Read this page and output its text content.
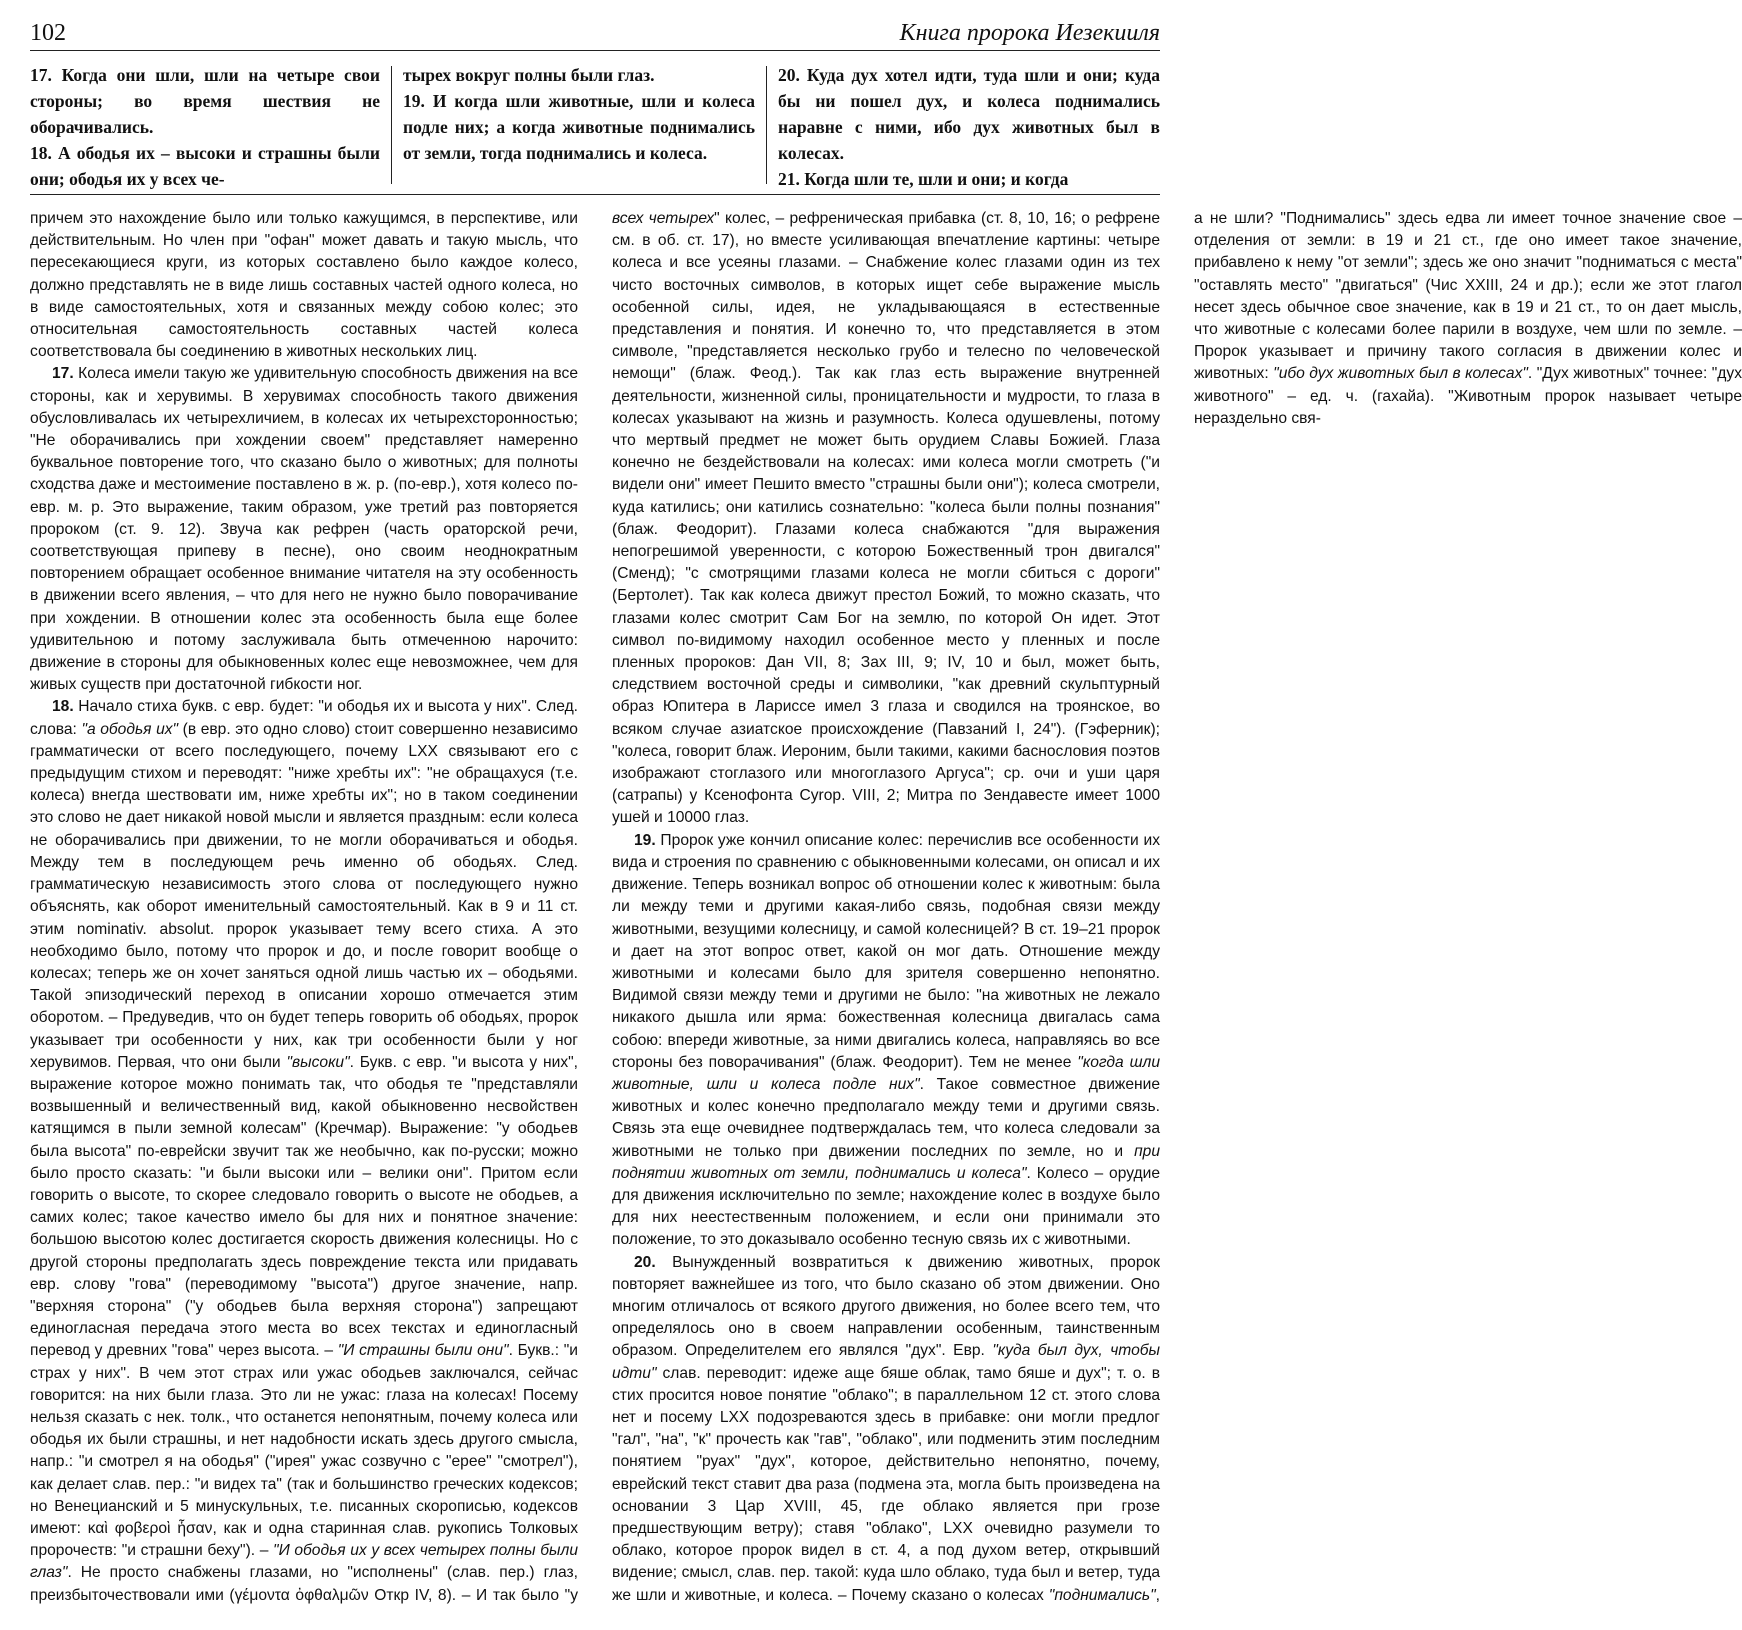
102	Книга пророка Иезекииля

17. Когда они шли, шли на четыре свои стороны; во время шествия не оборачивались.

18. А ободья их – высоки и страшны были они; ободья их у всех че-

тырех вокруг полны были глаз.

19. И когда шли животные, шли и колеса подле них; а когда животные поднимались от земли, тогда поднимались и колеса.

20. Куда дух хотел идти, туда шли и они; куда бы ни пошел дух, и колеса поднимались наравне с ними, ибо дух животных был в колесах.

21. Когда шли те, шли и они; и когда

причем это нахождение было или только кажущимся, в перспективе, или действительным. Но член при "офан" может давать и такую мысль, что пересекающиеся круги, из которых составлено было каждое колесо, должно представлять не в виде лишь составных частей одного колеса, но в виде самостоятельных, хотя и связанных между собою колес; это относительная самостоятельность составных частей колеса соответствовала бы соединению в животных нескольких лиц.

17. Колеса имели такую же удивительную способность движения на все стороны, как и херувимы. В херувимах способность такого движения обусловливалась их четырехличием, в колесах их четырехсторонностью; "Не оборачивались при хождении своем" представляет намеренно буквальное повторение того, что сказано было о животных; для полноты сходства даже и местоимение поставлено в ж. р. (по-евр.), хотя колесо по-евр. м. р. Это выражение, таким образом, уже третий раз повторяется пророком (ст. 9. 12). Звуча как рефрен (часть ораторской речи, соответствующая припеву в песне), оно своим неоднократным повторением обращает особенное внимание читателя на эту особенность в движении всего явления, – что для него не нужно было поворачивание при хождении. В отношении колес эта особенность была еще более удивительною и потому заслуживала быть отмеченною нарочито: движение в стороны для обыкновенных колес еще невозможнее, чем для живых существ при достаточной гибкости ног.

18. Начало стиха букв. с евр. будет: "и ободья их и высота у них". След. слова: "а ободья их" (в евр. это одно слово) стоит совершенно независимо грамматически от всего последующего, почему LXX связывают его с предыдущим стихом и переводят: "ниже хребты их": "не обращахуся (т.е. колеса) внегда шествовати им, ниже хребты их"; но в таком соединении это слово не дает никакой новой мысли и является праздным: если колеса не оборачивались при движении, то не могли оборачиваться и ободья. Между тем в последующем речь именно об ободьях. След. грамматическую независимость этого слова от последующего нужно объяснять, как оборот именительный самостоятельный. Как в 9 и 11 ст. этим nominativ. absolut. пророк указывает тему всего стиха. А это необходимо было, потому что пророк и до, и после говорит вообще о колесах; теперь же он хочет заняться одной лишь частью их – ободьями. Такой эпизодический переход в описании хорошо отмечается этим оборотом. – Предуведив, что он будет теперь говорить об ободьях, пророк указывает три особенности у них, как три особенности были у ног херувимов. Первая, что они были "высоки". Букв. с евр. "и высота у них", выражение которое можно понимать так, что ободья те "представляли возвышенный и величественный вид, какой обыкновенно несвойствен катящимся в пыли земной колесам" (Кречмар). Выражение: "у ободьев была высота" по-еврейски звучит так же необычно, как по-русски; можно было просто сказать: "и были высоки или – велики они". Притом если говорить о высоте, то скорее следовало говорить о высоте не ободьев, а самих колес; такое качество имело бы для них и понятное значение: большою высотою колес достигается скорость движения колесницы. Но с другой стороны предполагать здесь повреждение текста или придавать евр. слову "гова" (переводимому "высота") другое значение, напр. "верхняя сторона" ("у ободьев была верхняя сторона") запрещают единогласная передача этого места во всех текстах и единогласный перевод у древних "гова" через высота. – "И страшны были они". Букв.: "и страх у них". В чем этот страх или ужас ободьев заключался, сейчас говорится: на них были глаза. Это ли не ужас: глаза на колесах! Посему нельзя сказать с нек. толк., что останется непонятным, почему колеса или ободья их были страшны, и нет надобности искать здесь другого смысла, напр.: "и смотрел я на ободья" ("ирея" ужас созвучно с "ерее" "смотрел"), как делает слав. пер.: "и видех та" (так и большинство греческих кодексов; но Венецианский и 5 минускульных, т.е. писанных скорописью, кодексов имеют: καὶ φοβεροὶ ἦσαν, как и одна старинная слав. рукопись Толковых пророчеств: "и страшни беху"). – "И ободья их у всех четырех полны были глаз". Не просто снабжены глазами, но "исполнены" (слав. пер.) глаз, преизбыточествовали ими (γέμοντα ὀφθαλμῶν Откр IV, 8). – И так было "у всех четырех" колес, – рефреническая прибавка (ст. 8, 10, 16; о рефрене см. в об. ст. 17), но вместе усиливающая впечатление картины: четыре колеса и все усеяны глазами. – Снабжение колес глазами один из тех чисто восточных символов, в которых ищет себе выражение мысль особенной силы, идея, не укладывающаяся в естественные представления и понятия. И конечно то, что представляется в этом символе, "представляется несколько грубо и телесно по человеческой немощи" (блаж. Феод.). Так как глаз есть выражение внутренней деятельности, жизненной силы, проницательности и мудрости, то глаза в колесах указывают на жизнь и разумность. Колеса одушевлены, потому что мертвый предмет не может быть орудием Славы Божией. Глаза конечно не бездействовали на колесах: ими колеса могли смотреть ("и видели они" имеет Пешито вместо "страшны были они"); колеса смотрели, куда катились; они катились сознательно: "колеса были полны познания" (блаж. Феодорит). Глазами колеса снабжаются "для выражения непогрешимой уверенности, с которою Божественный трон двигался" (Сменд); "с смотрящими глазами колеса не могли сбиться с дороги" (Бертолет). Так как колеса движут престол Божий, то можно сказать, что глазами колес смотрит Сам Бог на землю, по которой Он идет. Этот символ по-видимому находил особенное место у пленных и после пленных пророков: Дан VII, 8; Зах III, 9; IV, 10 и был, может быть, следствием восточной среды и символики, "как древний скульптурный образ Юпитера в Лариссе имел 3 глаза и сводился на троянское, во всяком случае азиатское происхождение (Павзаний I, 24"). (Гэферник); "колеса, говорит блаж. Иероним, были такими, какими баснословия поэтов изображают стоглазого или многоглазого Аргуса"; ср. очи и уши царя (сатрапы) у Ксенофонта Cyrop. VIII, 2; Митра по Зендавесте имеет 1000 ушей и 10000 глаз.

19. Пророк уже кончил описание колес: перечислив все особенности их вида и строения по сравнению с обыкновенными колесами, он описал и их движение. Теперь возникал вопрос об отношении колес к животным: была ли между теми и другими какая-либо связь, подобная связи между животными, везущими колесницу, и самой колесницей? В ст. 19–21 пророк и дает на этот вопрос ответ, какой он мог дать. Отношение между животными и колесами было для зрителя совершенно непонятно. Видимой связи между теми и другими не было: "на животных не лежало никакого дышла или ярма: божественная колесница двигалась сама собою: впереди животные, за ними двигались колеса, направляясь во все стороны без поворачивания" (блаж. Феодорит). Тем не менее "когда шли животные, шли и колеса подле них". Такое совместное движение животных и колес конечно предполагало между теми и другими связь. Связь эта еще очевиднее подтверждалась тем, что колеса следовали за животными не только при движении последних по земле, но и при поднятии животных от земли, поднимались и колеса". Колесо – орудие для движения исключительно по земле; нахождение колес в воздухе было для них неестественным положением, и если они принимали это положение, то это доказывало особенно тесную связь их с животными.

20. Вынужденный возвратиться к движению животных, пророк повторяет важнейшее из того, что было сказано об этом движении. Оно многим отличалось от всякого другого движения, но более всего тем, что определялось оно в своем направлении особенным, таинственным образом. Определителем его являлся "дух". Евр. "куда был дух, чтобы идти" слав. переводит: идеже аще бяше облак, тамо бяше и дух"; т. о. в стих просится новое понятие "облако"; в параллельном 12 ст. этого слова нет и посему LXX подозреваются здесь в прибавке: они могли предлог "гал", "на", "к" прочесть как "гав", "облако", или подменить этим последним понятием "руах" "дух", которое, действительно непонятно, почему, еврейский текст ставит два раза (подмена эта, могла быть произведена на основании 3 Цар XVIII, 45, где облако является при грозе предшествующим ветру); ставя "облако", LXX очевидно разумели то облако, которое пророк видел в ст. 4, а под духом ветер, открывший видение; смысл, слав. пер. такой: куда шло облако, туда был и ветер, туда же шли и животные, и колеса. – Почему сказано о колесах "поднимались", а не шли? "Поднимались" здесь едва ли имеет точное значение свое – отделения от земли: в 19 и 21 ст., где оно имеет такое значение, прибавлено к нему "от земли"; здесь же оно значит "подниматься с места" "оставлять место" "двигаться" (Чис XXIII, 24 и др.); если же этот глагол несет здесь обычное свое значение, как в 19 и 21 ст., то он дает мысль, что животные с колесами более парили в воздухе, чем шли по земле. – Пророк указывает и причину такого согласия в движении колес и животных: "ибо дух животных был в колесах". "Дух животных" точнее: "дух животного" – ед. ч. (гахайа). "Животным пророк называет четыре нераздельно свя-
